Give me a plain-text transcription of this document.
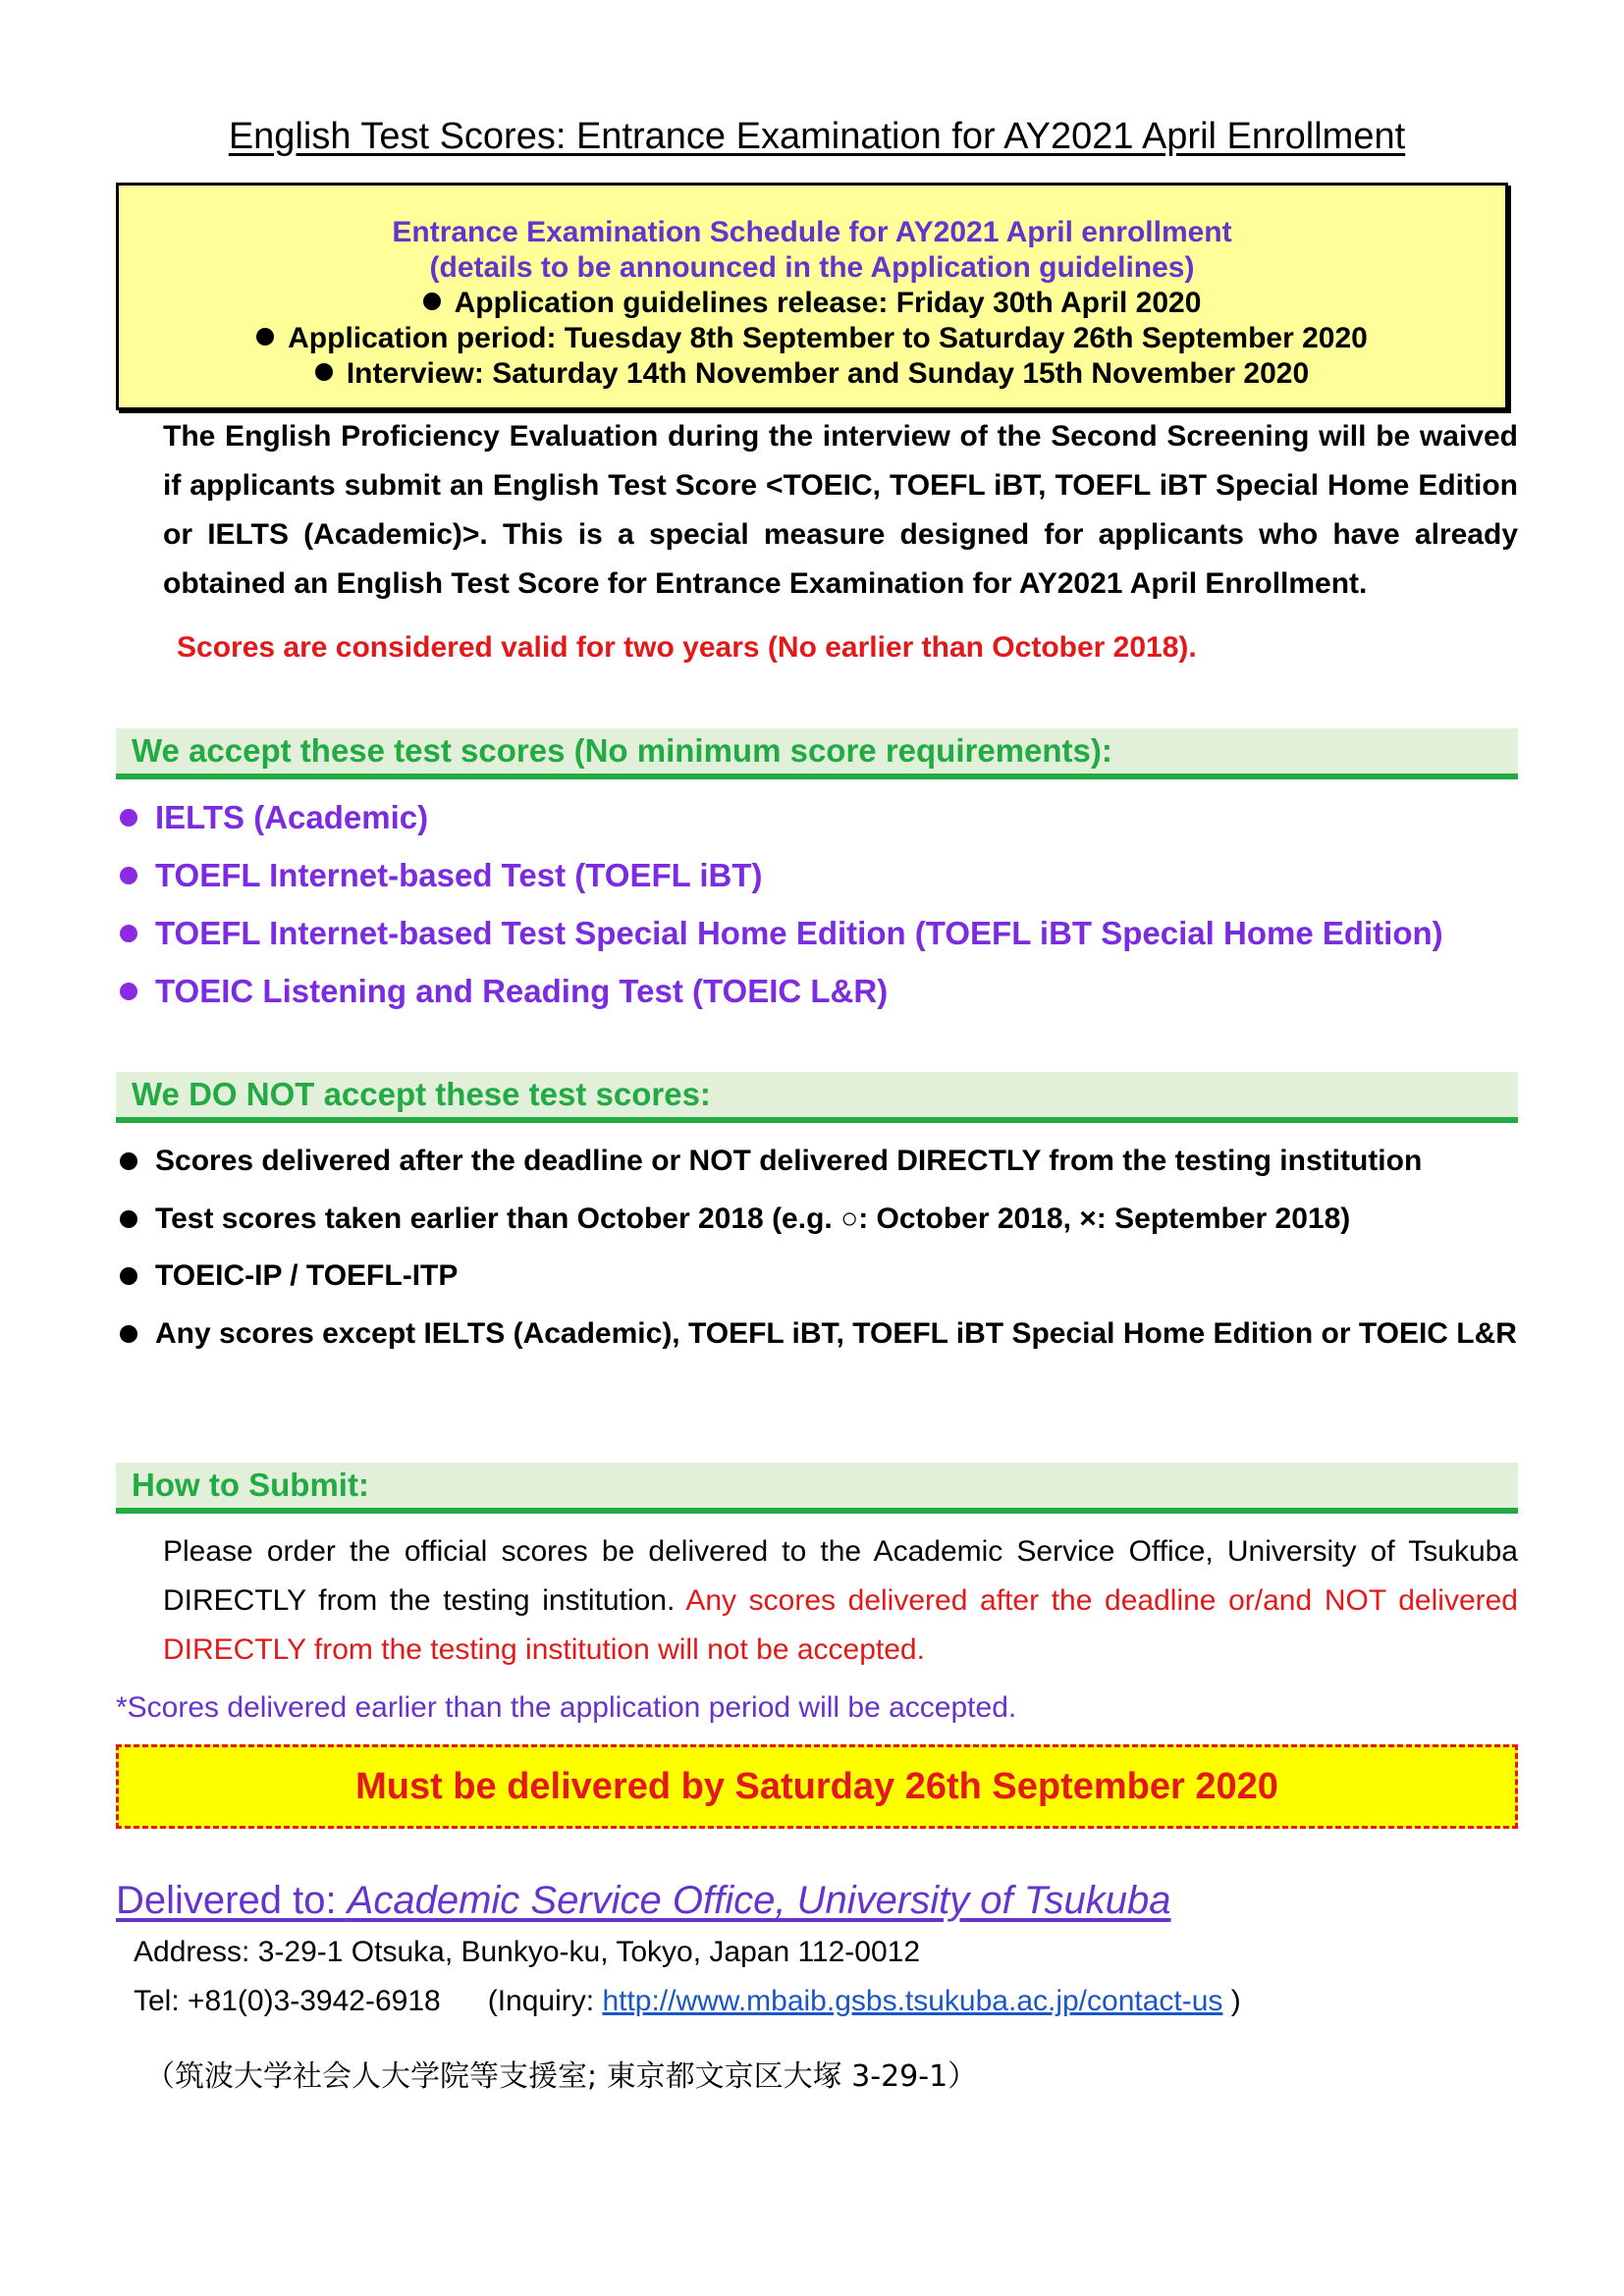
English Test Scores: Entrance Examination for AY2021 April Enrollment
Entrance Examination Schedule for AY2021 April enrollment
(details to be announced in the Application guidelines)
Application guidelines release: Friday 30th April 2020
Application period: Tuesday 8th September to Saturday 26th September 2020
Interview: Saturday 14th November and Sunday 15th November 2020
The English Proficiency Evaluation during the interview of the Second Screening will be waived if applicants submit an English Test Score <TOEIC, TOEFL iBT, TOEFL iBT Special Home Edition or IELTS (Academic)>. This is a special measure designed for applicants who have already obtained an English Test Score for Entrance Examination for AY2021 April Enrollment.
Scores are considered valid for two years (No earlier than October 2018).
We accept these test scores (No minimum score requirements):
IELTS (Academic)
TOEFL Internet-based Test (TOEFL iBT)
TOEFL Internet-based Test Special Home Edition (TOEFL iBT Special Home Edition)
TOEIC Listening and Reading Test (TOEIC L&R)
We DO NOT accept these test scores:
Scores delivered after the deadline or NOT delivered DIRECTLY from the testing institution
Test scores taken earlier than October 2018 (e.g. ○: October 2018, ×: September 2018)
TOEIC-IP / TOEFL-ITP
Any scores except IELTS (Academic), TOEFL iBT, TOEFL iBT Special Home Edition or TOEIC L&R
How to Submit:
Please order the official scores be delivered to the Academic Service Office, University of Tsukuba DIRECTLY from the testing institution. Any scores delivered after the deadline or/and NOT delivered DIRECTLY from the testing institution will not be accepted.
*Scores delivered earlier than the application period will be accepted.
Must be delivered by Saturday 26th September 2020
Delivered to: Academic Service Office, University of Tsukuba
Address: 3-29-1 Otsuka, Bunkyo-ku, Tokyo, Japan 112-0012
Tel: +81(0)3-3942-6918 (Inquiry: http://www.mbaib.gsbs.tsukuba.ac.jp/contact-us )
（筑波大学社会人大学院等支援室; 東京都文京区大塚 3-29-1）
